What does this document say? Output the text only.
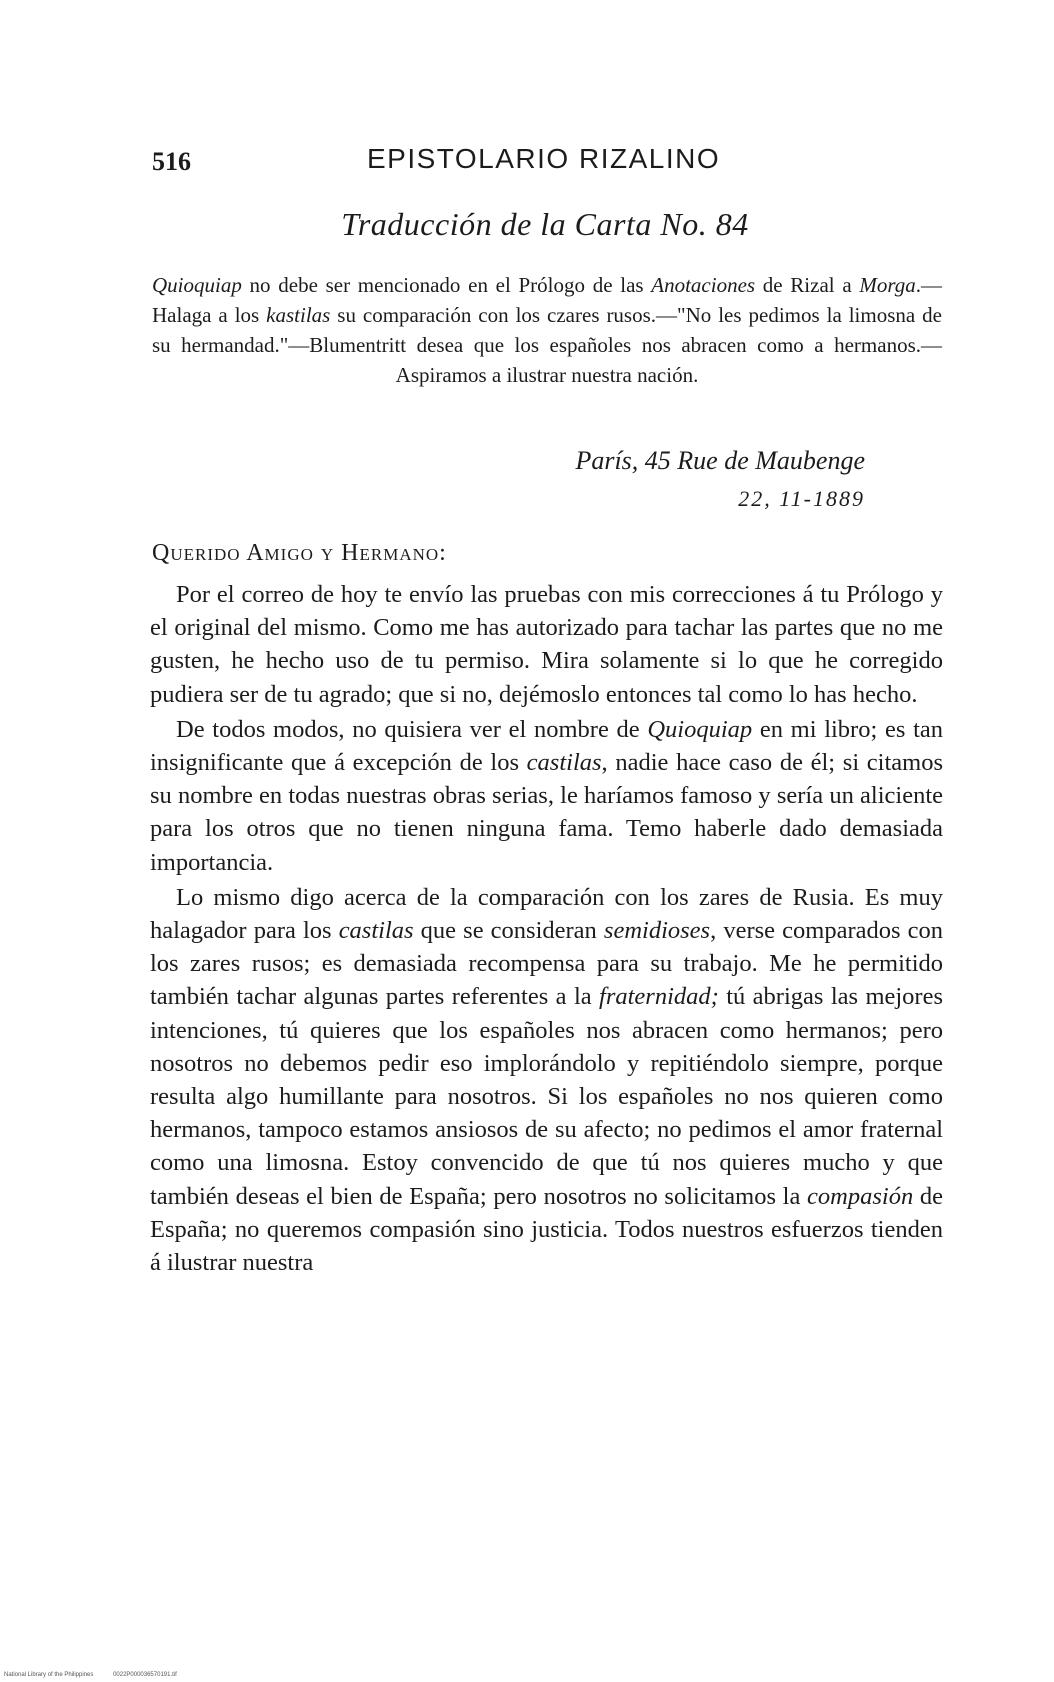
516	EPISTOLARIO RIZALINO
Traducción de la Carta No. 84
Quioquiap no debe ser mencionado en el Prólogo de las Anotaciones de Rizal a Morga.—Halaga a los kastilas su comparación con los czares rusos.—"No les pedimos la limosna de su hermandad."—Blumentritt desea que los españoles nos abracen como a hermanos.—Aspiramos a ilustrar nuestra nación.
París, 45 Rue de Maubenge
22, 11-1889
Querido Amigo y Hermano:

Por el correo de hoy te envío las pruebas con mis correcciones á tu Prólogo y el original del mismo. Como me has autorizado para tachar las partes que no me gusten, he hecho uso de tu permiso. Mira solamente si lo que he corregido pudiera ser de tu agrado; que si no, dejémoslo entonces tal como lo has hecho.

De todos modos, no quisiera ver el nombre de Quioquiap en mi libro; es tan insignificante que á excepción de los castilas, nadie hace caso de él; si citamos su nombre en todas nuestras obras serias, le haríamos famoso y sería un aliciente para los otros que no tienen ninguna fama. Temo haberle dado demasiada importancia.

Lo mismo digo acerca de la comparación con los zares de Rusia. Es muy halagador para los castilas que se consideran semidioses, verse comparados con los zares rusos; es demasiada recompensa para su trabajo. Me he permitido también tachar algunas partes referentes a la fraternidad; tú abrigas las mejores intenciones, tú quieres que los españoles nos abracen como hermanos; pero nosotros no debemos pedir eso implorándolo y repitiéndolo siempre, porque resulta algo humillante para nosotros. Si los españoles no nos quieren como hermanos, tampoco estamos ansiosos de su afecto; no pedimos el amor fraternal como una limosna. Estoy convencido de que tú nos quieres mucho y que también deseas el bien de España; pero nosotros no solicitamos la compasión de España; no queremos compasión sino justicia. Todos nuestros esfuerzos tienden á ilustrar nuestra

National Library of the Philippines	0022P000036570191.tif
